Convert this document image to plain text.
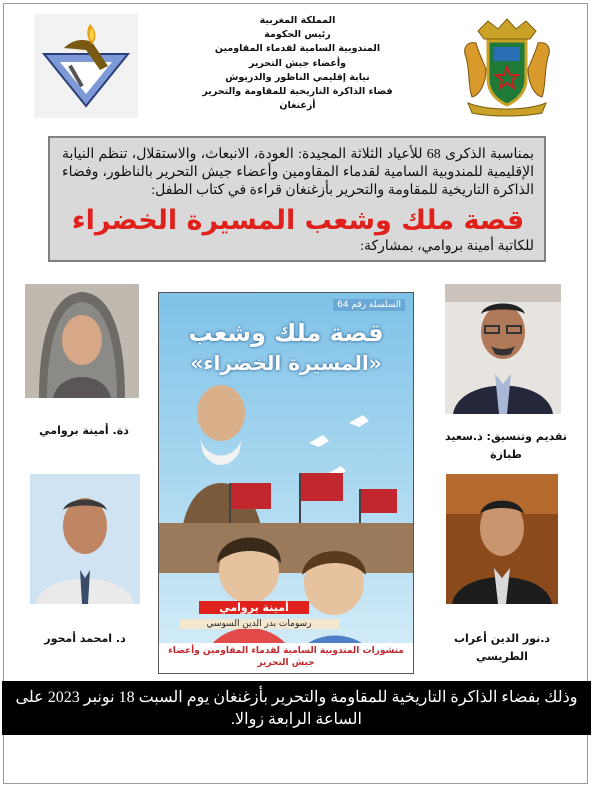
المملكة المغربية
رئيس الحكومة
المندوبية السامية لقدماء المقاومين
وأعضاء جيش التحرير
نيابة إقليمي الناظور والدريوش
فضاء الذاكرة التاريخية للمقاومة والتحرير
أزغنغان

بمناسبة الذكرى 68 للأعياد الثلاثة المجيدة: العودة، الانبعاث، والاستقلال، تنظم النيابة الإقليمية للمندوبية السامية لقدماء المقاومين وأعضاء جيش التحرير بالناظور، وفضاء الذاكرة التاريخية للمقاومة والتحرير بأزغنغان قراءة في كتاب الطفل:

قصة ملك وشعب المسيرة الخضراء

للكاتبة أمينة بروامي، بمشاركة:

ذة. أمينة بروامي	تقديم وتنسيق: ذ.سعيد طبازة
د. امحمد أمحور	د.نور الدين أعراب الطريسي
السلسلة رقم 64
قصة ملك وشعب
«المسيرة الخضراء»
أمينة بروامي
رسومات بدر الدين السوسي
منشورات المندوبية السامية لقدماء المقاومين وأعضاء جيش التحرير
وذلك بفضاء الذاكرة التاريخية للمقاومة والتحرير بأزغنغان يوم السبت 18 نونبر 2023 على الساعة الرابعة زوالا.
